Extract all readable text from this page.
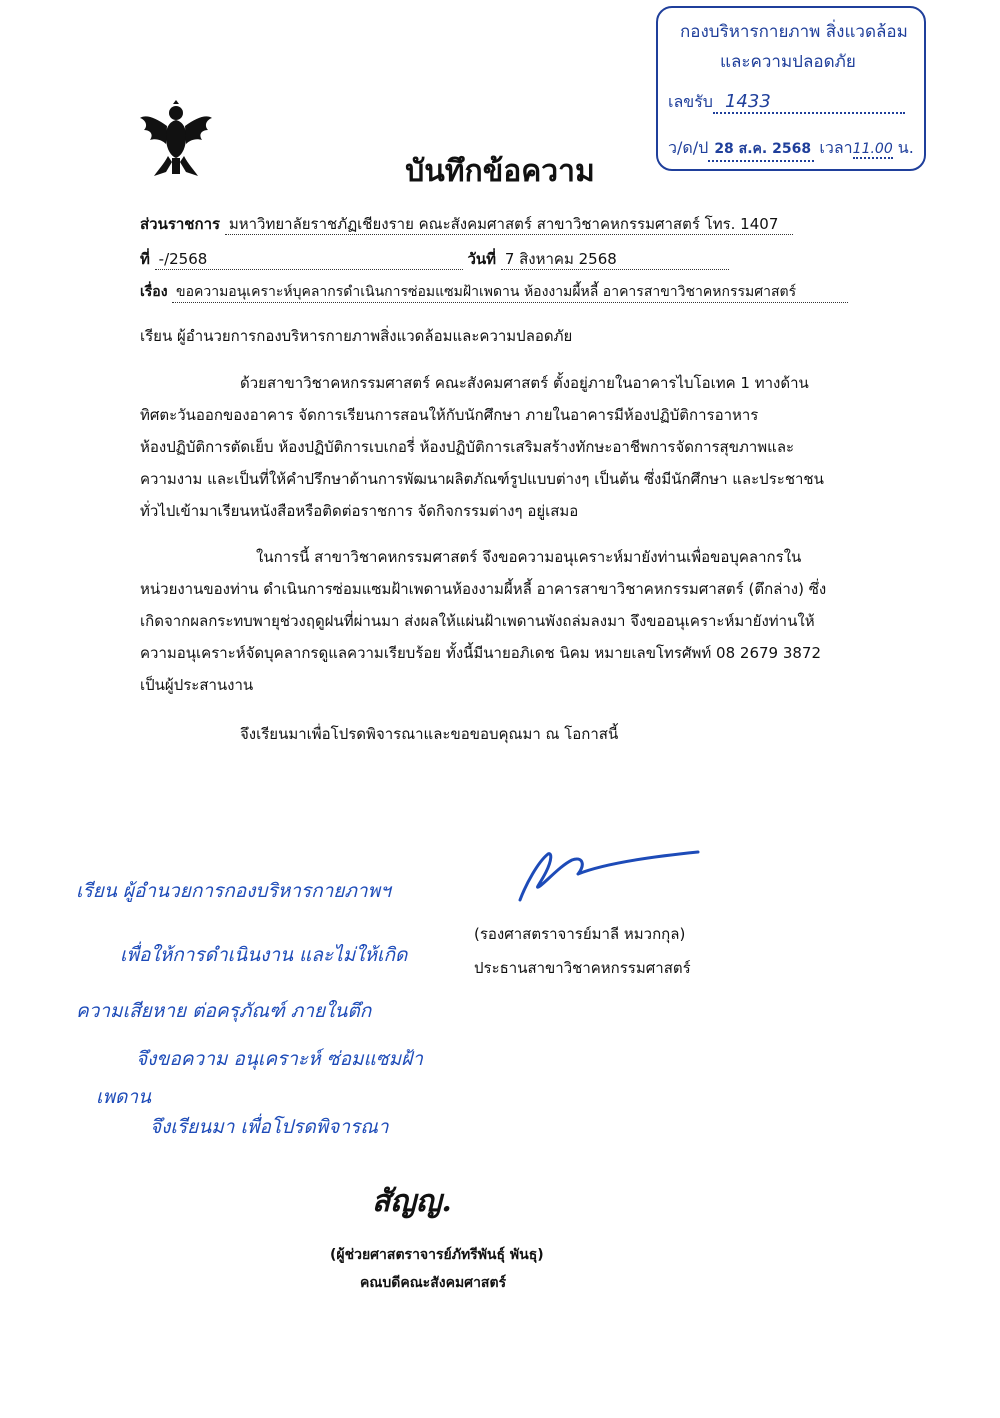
กองบริหารกายภาพ สิ่งแวดล้อม
และความปลอดภัย
เลขรับ 1433
ว/ด/ป 28 ส.ค. 2568 เวลา11.00 น.
บันทึกข้อความ
ส่วนราชการ มหาวิทยาลัยราชภัฏเชียงราย คณะสังคมศาสตร์ สาขาวิชาคหกรรมศาสตร์ โทร. 1407
ที่ -/2568	วันที่ 7 สิงหาคม 2568
เรื่อง ขอความอนุเคราะห์บุคลากรดำเนินการซ่อมแซมฝ้าเพดาน ห้องงามผี้หลี้ อาคารสาขาวิชาคหกรรมศาสตร์
เรียน ผู้อำนวยการกองบริหารกายภาพสิ่งแวดล้อมและความปลอดภัย
ด้วยสาขาวิชาคหกรรมศาสตร์ คณะสังคมศาสตร์ ตั้งอยู่ภายในอาคารไบโอเทค 1 ทางด้าน
ทิศตะวันออกของอาคาร จัดการเรียนการสอนให้กับนักศึกษา ภายในอาคารมีห้องปฏิบัติการอาหาร
ห้องปฏิบัติการตัดเย็บ ห้องปฏิบัติการเบเกอรี่ ห้องปฏิบัติการเสริมสร้างทักษะอาชีพการจัดการสุขภาพและ
ความงาม และเป็นที่ให้คำปรึกษาด้านการพัฒนาผลิตภัณฑ์รูปแบบต่างๆ เป็นต้น ซึ่งมีนักศึกษา และประชาชน
ทั่วไปเข้ามาเรียนหนังสือหรือติดต่อราชการ จัดกิจกรรมต่างๆ อยู่เสมอ
ในการนี้ สาขาวิชาคหกรรมศาสตร์ จึงขอความอนุเคราะห์มายังท่านเพื่อขอบุคลากรใน
หน่วยงานของท่าน ดำเนินการซ่อมแซมฝ้าเพดานห้องงามผี้หลี้ อาคารสาขาวิชาคหกรรมศาสตร์ (ตึกล่าง) ซึ่ง
เกิดจากผลกระทบพายุช่วงฤดูฝนที่ผ่านมา ส่งผลให้แผ่นฝ้าเพดานพังถล่มลงมา จึงขออนุเคราะห์มายังท่านให้
ความอนุเคราะห์จัดบุคลากรดูแลความเรียบร้อย ทั้งนี้มีนายอภิเดช นิคม หมายเลขโทรศัพท์ 08 2679 3872
เป็นผู้ประสานงาน
จึงเรียนมาเพื่อโปรดพิจารณาและขอขอบคุณมา ณ โอกาสนี้
(รองศาสตราจารย์มาลี หมวกกุล)
ประธานสาขาวิชาคหกรรมศาสตร์
เรียน ผู้อำนวยการกองบริหารกายภาพฯ
เพื่อให้การดำเนินงาน และไม่ให้เกิด
ความเสียหาย ต่อครุภัณฑ์ ภายในตึก
จึงขอความ อนุเคราะห์ ซ่อมแซมฝ้า
เพดาน
จึงเรียนมา เพื่อโปรดพิจารณา
สัญญ.
(ผู้ช่วยศาสตราจารย์ภัทรีพันธุ์ พันธุ)
คณบดีคณะสังคมศาสตร์
